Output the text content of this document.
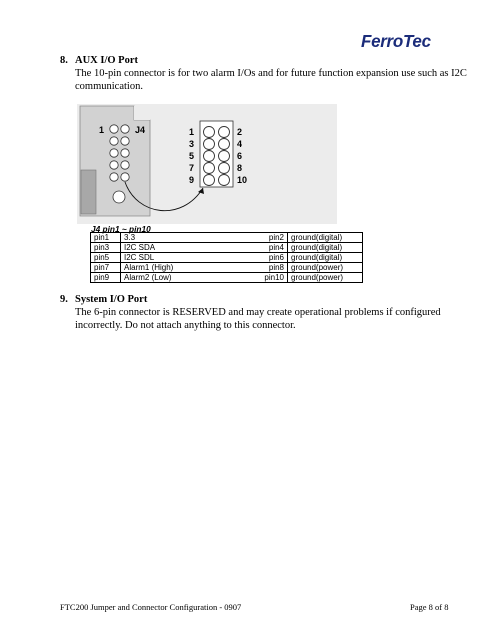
FerroTec
8. AUX I/O Port
The 10-pin connector is for two alarm I/Os and for future function expansion use such as I2C
communication.
1	J4	1
3
5
7
9
2
4
6
8
10
J4 pin1 ~ pin10
pin1	3.3	pin2	ground(digital)
pin3	I2C SDA	pin4	ground(digital)
pin5	I2C SDL	pin6	ground(digital)
pin7	Alarm1 (High)	pin8	ground(power)
pin9	Alarm2 (Low)	pin10	ground(power)
9. System I/O Port
The 6-pin connector is RESERVED and may create operational problems if configured
incorrectly. Do not attach anything to this connector.
FTC200 Jumper and Connector Configuration - 0907	Page 8 of 8
